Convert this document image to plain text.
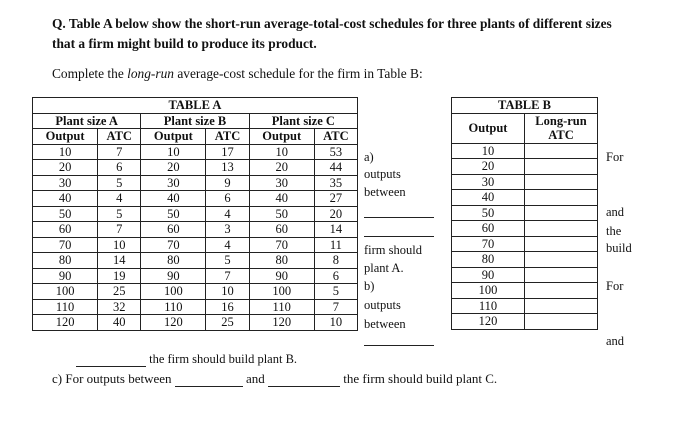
Q. Table A below show the short-run average-total-cost schedules for three plants of different sizes
that a firm might build to produce its product.
Complete the long-run average-cost schedule for the firm in Table B:
		TABLE A			
Plant size A		Plant size B		Plant size C	
Output	ATC	Output	ATC	Output	ATC
10	7	10	17	10	53
20	6	20	13	20	44
30	5	30	9	30	35
40	4	40	6	40	27
50	5	50	4	50	20
60	7	60	3	60	14
70	10	70	4	70	11
80	14	80	5	80	8
90	19	90	7	90	6
100	25	100	10	100	5
110	32	110	16	110	7
120	40	120	25	120	10
TABLE B	
Output	Long-run
ATC

10	
20	
30	
40	
50	
60	
70	
80	
90	
100	
110	
120	
a)
outputs
between
firm should
plant A.
b)
outputs
between
For
and
the
build
For
and
the firm should build plant B.
c) For outputs between	and	the firm should build plant C.
